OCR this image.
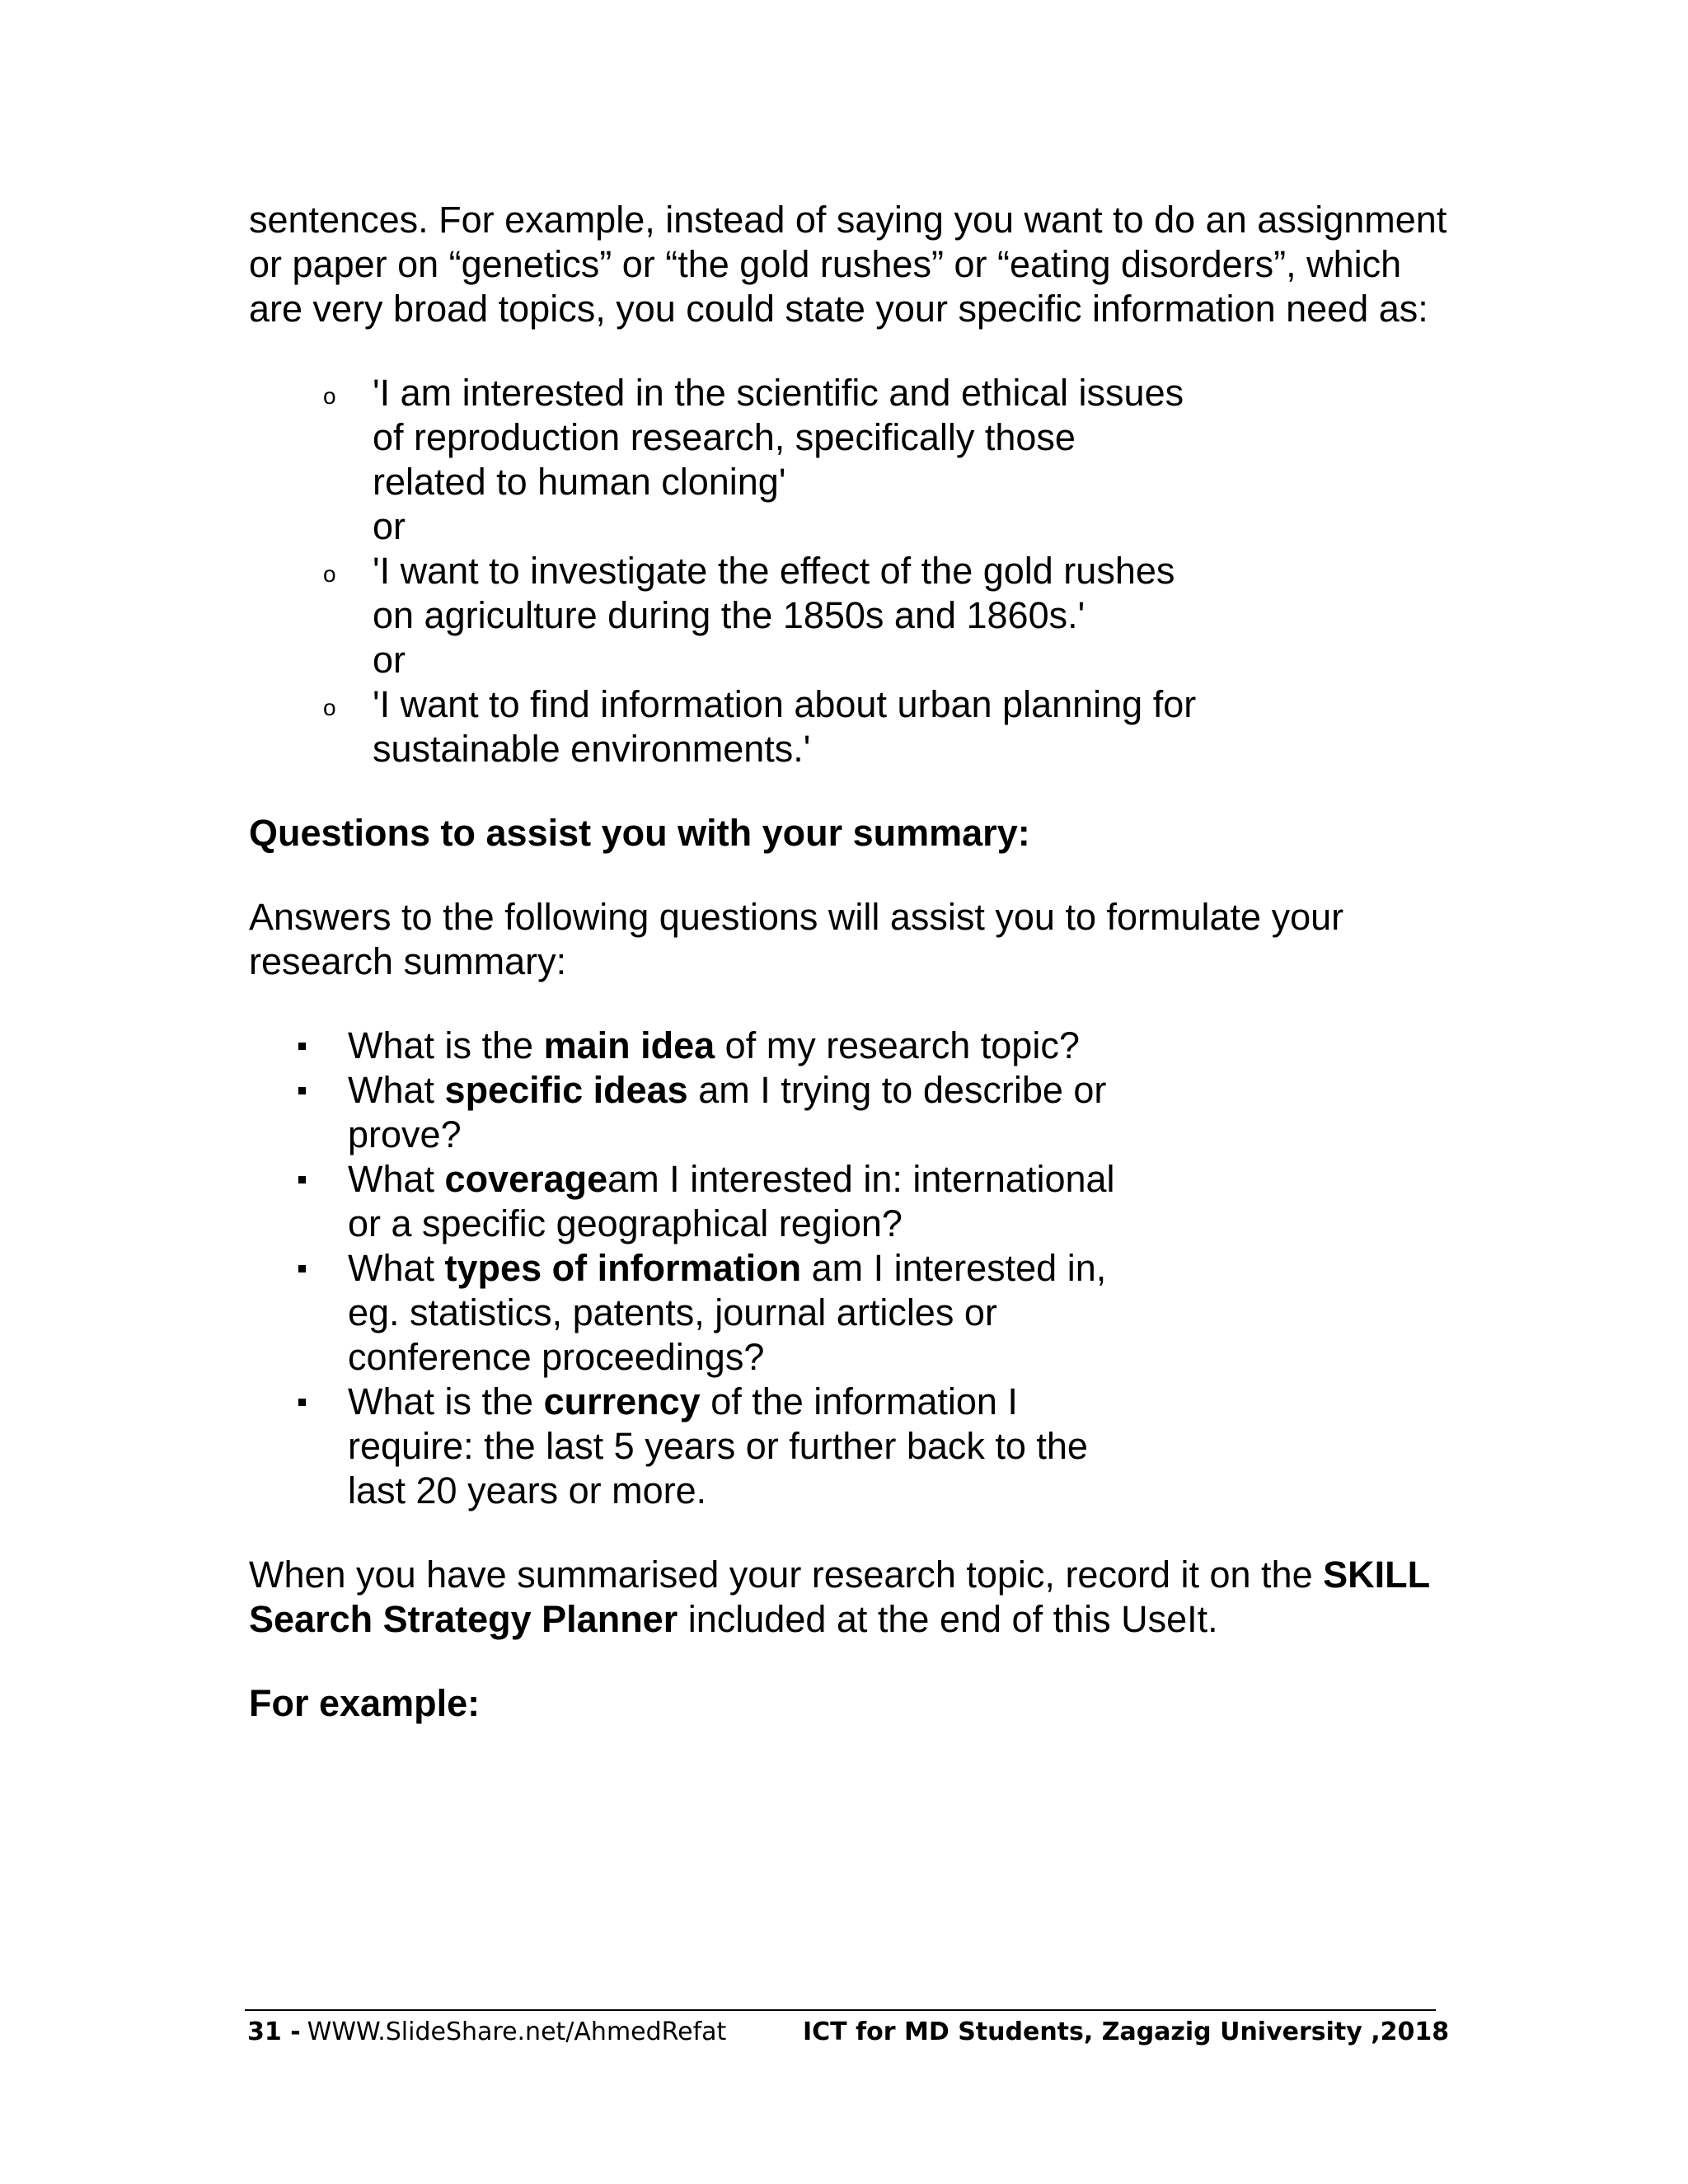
sentences. For example, instead of saying you want to do an assignment or paper on “genetics” or “the gold rushes” or “eating disorders”, which are very broad topics, you could state your specific information need as:

o 'I am interested in the scientific and ethical issues of reproduction research, specifically those related to human cloning'
or
o 'I want to investigate the effect of the gold rushes on agriculture during the 1850s and 1860s.'
or
o 'I want to find information about urban planning for sustainable environments.'

Questions to assist you with your summary:

Answers to the following questions will assist you to formulate your research summary:

What is the main idea of my research topic?
What specific ideas am I trying to describe or prove?
What coverageam I interested in: international or a specific geographical region?
What types of information am I interested in, eg. statistics, patents, journal articles or conference proceedings?
What is the currency of the information I require: the last 5 years or further back to the last 20 years or more.

When you have summarised your research topic, record it on the SKILL Search Strategy Planner included at the end of this UseIt.

For example:

31 - WWW.SlideShare.net/AhmedRefat	ICT for MD Students, Zagazig University ,2018
